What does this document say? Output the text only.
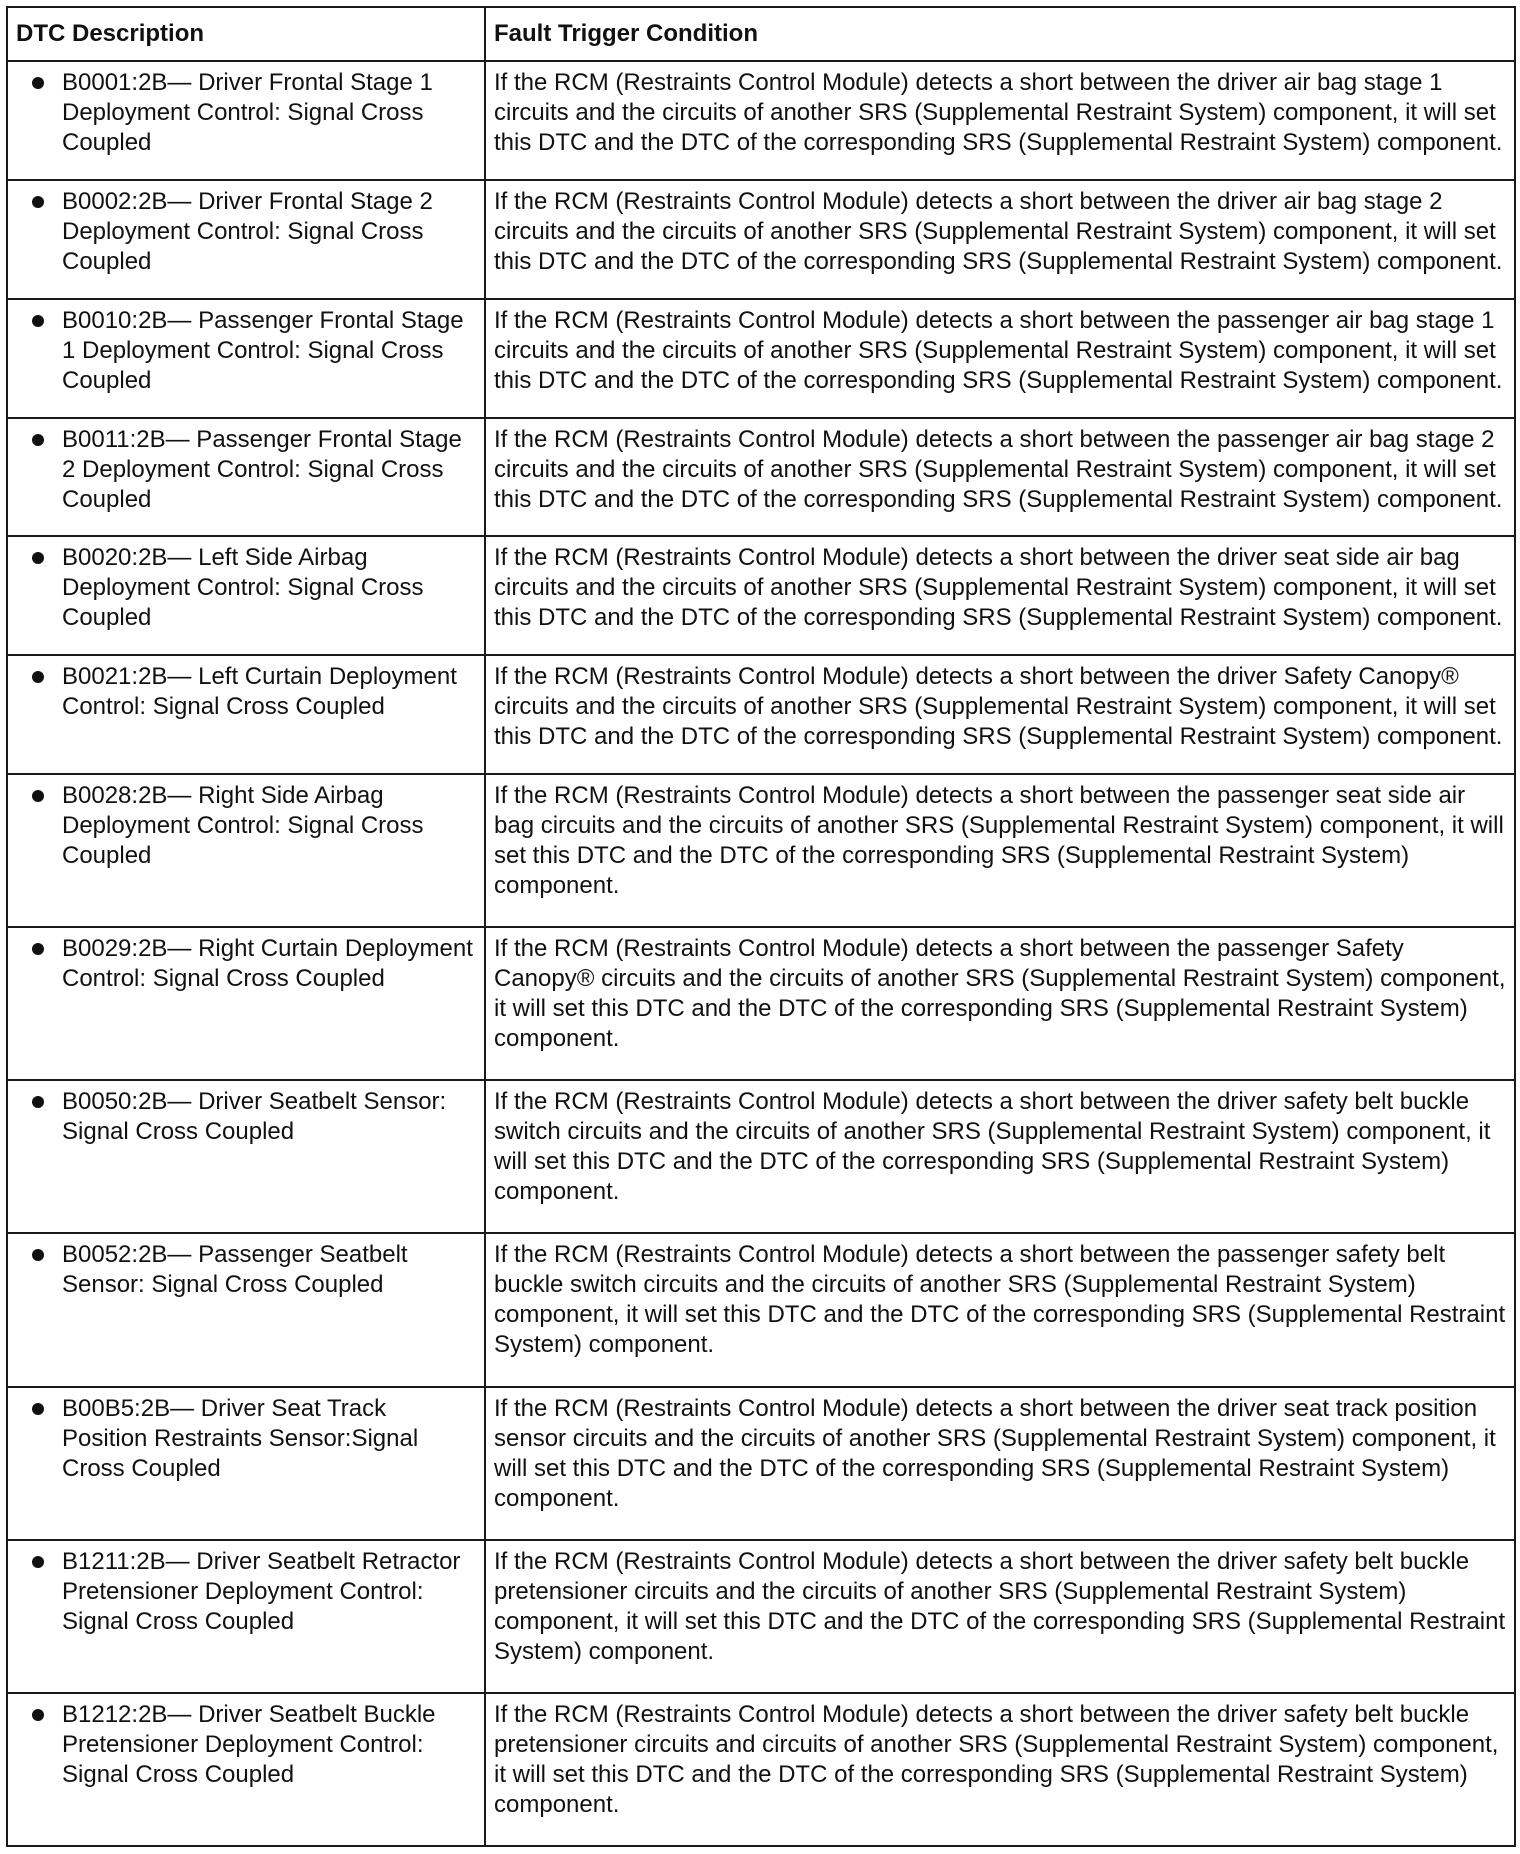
DTC Description	Fault Trigger Condition

B0001:2B— Driver Frontal Stage 1 Deployment Control: Signal Cross Coupled	If the RCM (Restraints Control Module) detects a short between the driver air bag stage 1 circuits and the circuits of another SRS (Supplemental Restraint System) component, it will set this DTC and the DTC of the corresponding SRS (Supplemental Restraint System) component.

B0002:2B— Driver Frontal Stage 2 Deployment Control: Signal Cross Coupled	If the RCM (Restraints Control Module) detects a short between the driver air bag stage 2 circuits and the circuits of another SRS (Supplemental Restraint System) component, it will set this DTC and the DTC of the corresponding SRS (Supplemental Restraint System) component.

B0010:2B— Passenger Frontal Stage 1 Deployment Control: Signal Cross Coupled	If the RCM (Restraints Control Module) detects a short between the passenger air bag stage 1 circuits and the circuits of another SRS (Supplemental Restraint System) component, it will set this DTC and the DTC of the corresponding SRS (Supplemental Restraint System) component.

B0011:2B— Passenger Frontal Stage 2 Deployment Control: Signal Cross Coupled	If the RCM (Restraints Control Module) detects a short between the passenger air bag stage 2 circuits and the circuits of another SRS (Supplemental Restraint System) component, it will set this DTC and the DTC of the corresponding SRS (Supplemental Restraint System) component.

B0020:2B— Left Side Airbag Deployment Control: Signal Cross Coupled	If the RCM (Restraints Control Module) detects a short between the driver seat side air bag circuits and the circuits of another SRS (Supplemental Restraint System) component, it will set this DTC and the DTC of the corresponding SRS (Supplemental Restraint System) component.

B0021:2B— Left Curtain Deployment Control: Signal Cross Coupled	If the RCM (Restraints Control Module) detects a short between the driver Safety Canopy® circuits and the circuits of another SRS (Supplemental Restraint System) component, it will set this DTC and the DTC of the corresponding SRS (Supplemental Restraint System) component.

B0028:2B— Right Side Airbag Deployment Control: Signal Cross Coupled	If the RCM (Restraints Control Module) detects a short between the passenger seat side air bag circuits and the circuits of another SRS (Supplemental Restraint System) component, it will set this DTC and the DTC of the corresponding SRS (Supplemental Restraint System) component.

B0029:2B— Right Curtain Deployment Control: Signal Cross Coupled	If the RCM (Restraints Control Module) detects a short between the passenger Safety Canopy® circuits and the circuits of another SRS (Supplemental Restraint System) component, it will set this DTC and the DTC of the corresponding SRS (Supplemental Restraint System) component.

B0050:2B— Driver Seatbelt Sensor: Signal Cross Coupled	If the RCM (Restraints Control Module) detects a short between the driver safety belt buckle switch circuits and the circuits of another SRS (Supplemental Restraint System) component, it will set this DTC and the DTC of the corresponding SRS (Supplemental Restraint System) component.

B0052:2B— Passenger Seatbelt Sensor: Signal Cross Coupled	If the RCM (Restraints Control Module) detects a short between the passenger safety belt buckle switch circuits and the circuits of another SRS (Supplemental Restraint System) component, it will set this DTC and the DTC of the corresponding SRS (Supplemental Restraint System) component.

B00B5:2B— Driver Seat Track Position Restraints Sensor:Signal Cross Coupled	If the RCM (Restraints Control Module) detects a short between the driver seat track position sensor circuits and the circuits of another SRS (Supplemental Restraint System) component, it will set this DTC and the DTC of the corresponding SRS (Supplemental Restraint System) component.

B1211:2B— Driver Seatbelt Retractor Pretensioner Deployment Control: Signal Cross Coupled	If the RCM (Restraints Control Module) detects a short between the driver safety belt buckle pretensioner circuits and the circuits of another SRS (Supplemental Restraint System) component, it will set this DTC and the DTC of the corresponding SRS (Supplemental Restraint System) component.

B1212:2B— Driver Seatbelt Buckle Pretensioner Deployment Control: Signal Cross Coupled	If the RCM (Restraints Control Module) detects a short between the driver safety belt buckle pretensioner circuits and circuits of another SRS (Supplemental Restraint System) component, it will set this DTC and the DTC of the corresponding SRS (Supplemental Restraint System) component.
